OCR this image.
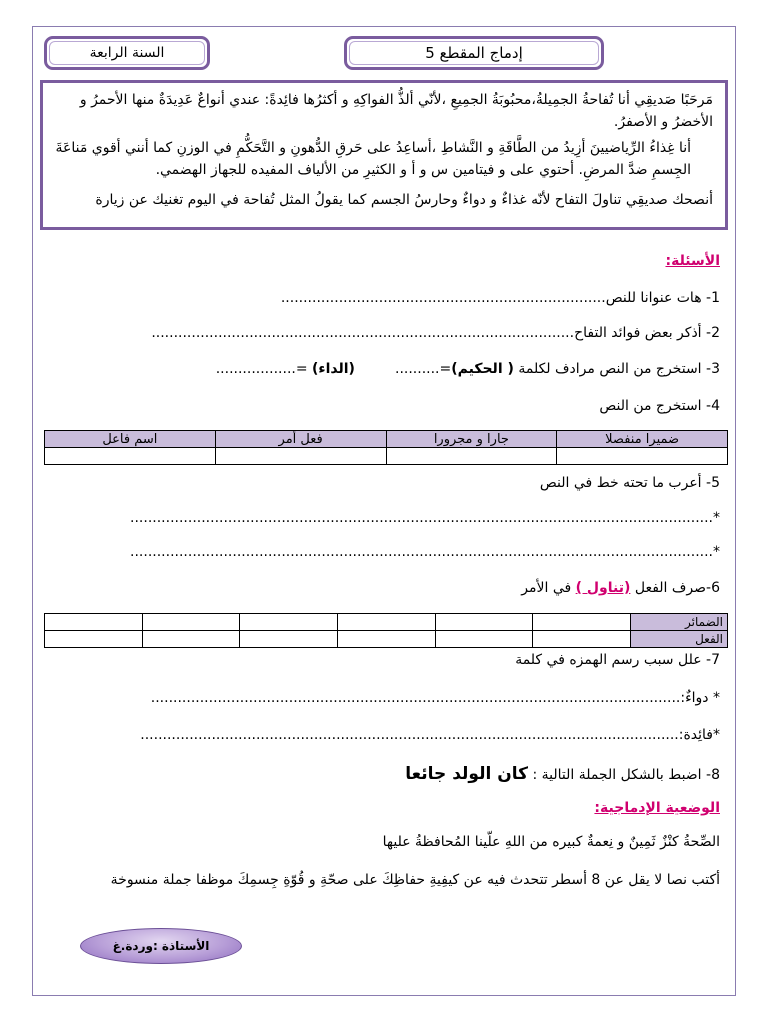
السنة الرابعة	إدماج المقطع 5

مَرحَبًا صَديقِي أنا تُفاحةُ الجمِيلةُ،محبُوبَةُ الجمِيعِ ،لأنّي ألذُّ الفواكِهِ و أكثرُها فائِدةً: عندي أنواعٌ عَدِيدَةٌ منها الأحمرُ و الأخضرُ و الأصفرُ.

أنا غِذاءُ الرِّياضيينَ أزِيدُ من الطَّاقَةِ و النَّشاطِ ،أساعِدُ على حَرقِ الدُّهونِ و التَّحَكُّمِ في الوزنِ كما أنني أقوي مَناعَةَ الجِسمِ ضدَّ المرضِ. أحتوي على و فيتامين س و أ و الكثيرِ من الألياف المفيده للجهاز الهضمي.

أنصحك صديقِي تناولَ التفاح لأنّه غذاءٌ و دواءٌ وحارسُ الجسم كما يقولُ المثل تُفاحة في اليوم تغنيك عن زيارة

الأسئلة:
1- هات عنوانا للنص.........................................................................
2- أذكر بعض فوائد التفاح...............................................................................................
3- استخرج من النص مرادف لكلمة ( الحكيم)=..........         (الداء) =..................
4- استخرج من النص
ضميرا منفصلا	جارا و مجرورا	فعل أمر	اسم فاعل

5- أعرب ما تحته خط في النص
*...................................................................................................................................
*...................................................................................................................................
6-صرف الفعل (تناول ) في الأمر
الضمائر						
الفعل						
7- علل سبب رسم الهمزه في كلمة
* دواءٌ:.......................................................................................................................
*فائِدة:.........................................................................................................................
8- اضبط بالشكل الجملة التالية : كان الولد جائعا
الوضعية الإدماجية:
الصِّحةُ كنْزٌ ثَمِينٌ و نِعمةٌ كبيره من اللهِ علّينا المُحافظةُ عليها
أكتب نصا لا يقل عن 8 أسطر تتحدث فيه عن كيفِيةِ حفاظِكَ على صحّةِ و قُوّةِ جِسمِكَ موظفا جملة منسوخة
الأستاذة :وردة.غ
